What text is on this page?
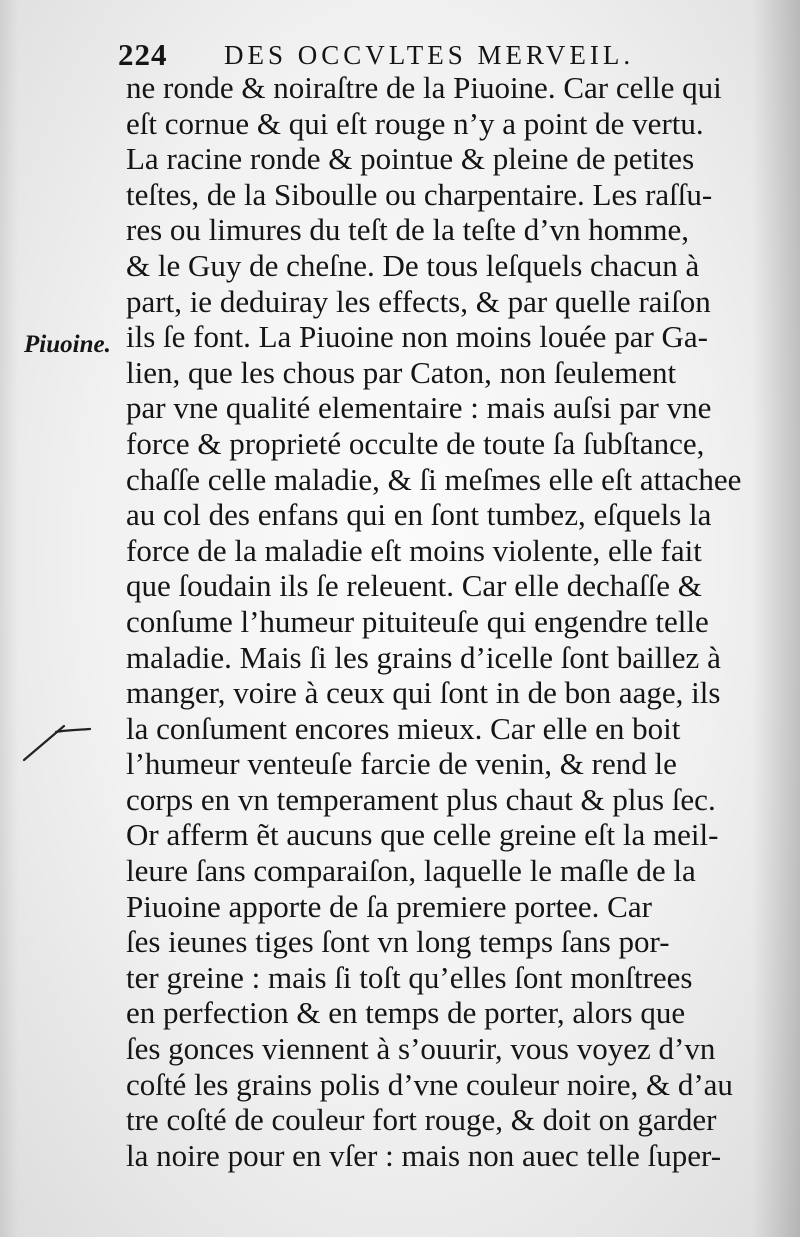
224 DES OCCVLTES MERVEIL.
Piuoine.
ne ronde & noiraſtre de la Piuoine. Car celle qui
eſt cornue & qui eſt rouge n’y a point de vertu.
La racine ronde & pointue & pleine de petites
teſtes, de la Siboulle ou charpentaire. Les raſſu-
res ou limures du teſt de la teſte d’vn homme,
& le Guy de cheſne. De tous leſquels chacun à
part, ie deduiray les effects, & par quelle raiſon
ils ſe font. La Piuoine non moins louée par Ga-
lien, que les chous par Caton, non ſeulement
par vne qualité elementaire : mais auſsi par vne
force & proprieté occulte de toute ſa ſubſtance,
chaſſe celle maladie, & ſi meſmes elle eſt attachee
au col des enfans qui en ſont tumbez, eſquels la
force de la maladie eſt moins violente, elle fait
que ſoudain ils ſe releuent. Car elle dechaſſe &
conſume l’humeur pituiteuſe qui engendre telle
maladie. Mais ſi les grains d’icelle ſont baillez à
manger, voire à ceux qui ſont in de bon aage, ils
la conſument encores mieux. Car elle en boit
l’humeur venteuſe farcie de venin, & rend le
corps en vn temperament plus chaut & plus ſec.
Or afferm ẽt aucuns que celle greine eſt la meil-
leure ſans comparaiſon, laquelle le maſle de la
Piuoine apporte de ſa premiere portee. Car
ſes ieunes tiges ſont vn long temps ſans por-
ter greine : mais ſi toſt qu’elles ſont monſtrees
en perfection & en temps de porter, alors que
ſes gonces viennent à s’ouurir, vous voyez d’vn
coſté les grains polis d’vne couleur noire, & d’au
tre coſté de couleur fort rouge, & doit on garder
la noire pour en vſer : mais non auec telle ſuper-
